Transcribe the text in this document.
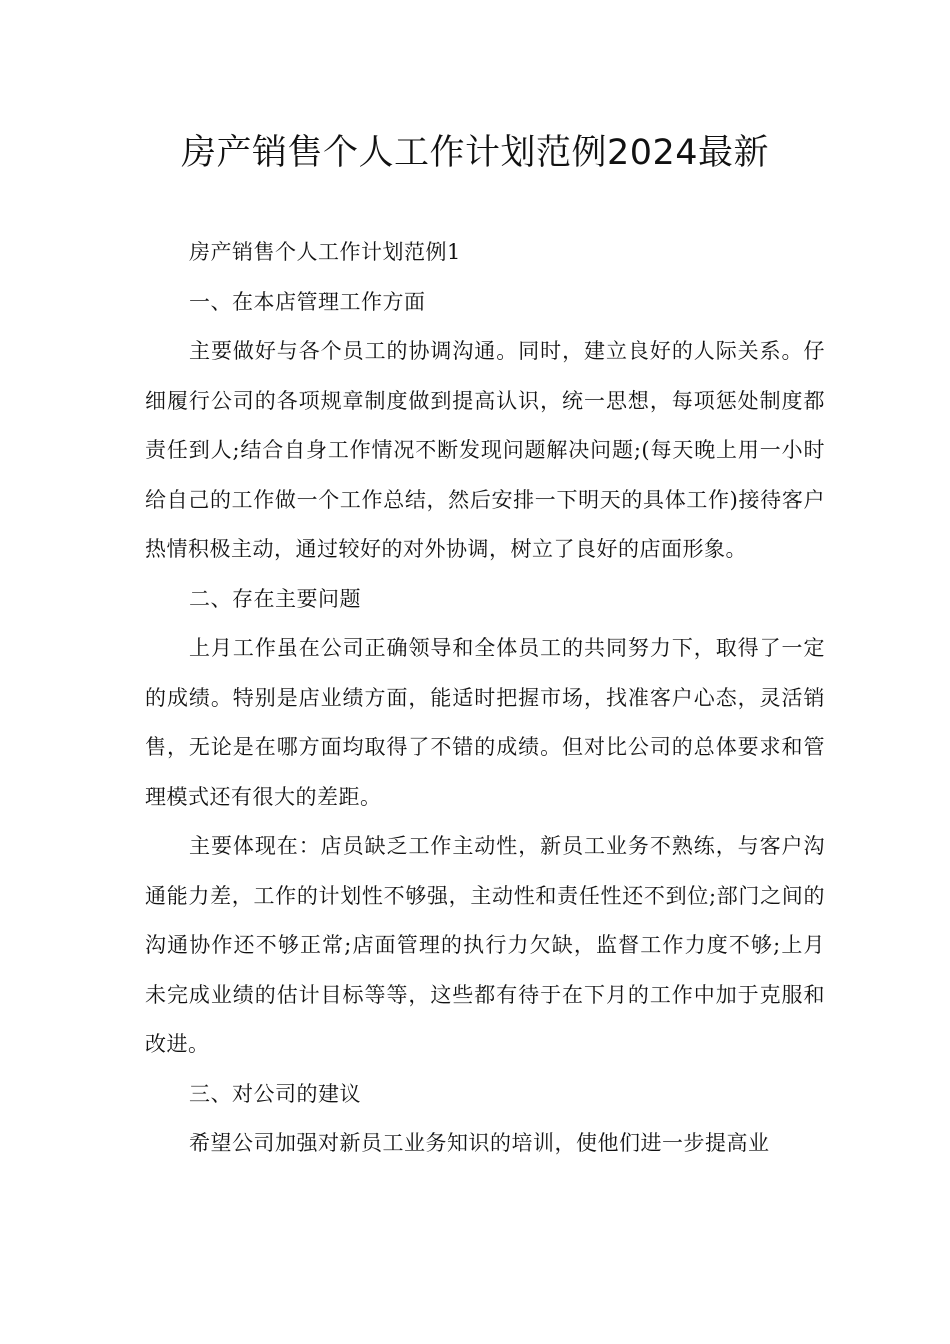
房产销售个人工作计划范例2024最新

房产销售个人工作计划范例1

一、在本店管理工作方面

主要做好与各个员工的协调沟通。同时，建立良好的人际关系。仔细履行公司的各项规章制度做到提高认识，统一思想，每项惩处制度都责任到人;结合自身工作情况不断发现问题解决问题;(每天晚上用一小时给自己的工作做一个工作总结，然后安排一下明天的具体工作)接待客户热情积极主动，通过较好的对外协调，树立了良好的店面形象。

二、存在主要问题

上月工作虽在公司正确领导和全体员工的共同努力下，取得了一定的成绩。特别是店业绩方面，能适时把握市场，找准客户心态，灵活销售，无论是在哪方面均取得了不错的成绩。但对比公司的总体要求和管理模式还有很大的差距。

主要体现在：店员缺乏工作主动性，新员工业务不熟练，与客户沟通能力差，工作的计划性不够强，主动性和责任性还不到位;部门之间的沟通协作还不够正常;店面管理的执行力欠缺，监督工作力度不够;上月未完成业绩的估计目标等等，这些都有待于在下月的工作中加于克服和改进。

三、对公司的建议

希望公司加强对新员工业务知识的培训，使他们进一步提高业
